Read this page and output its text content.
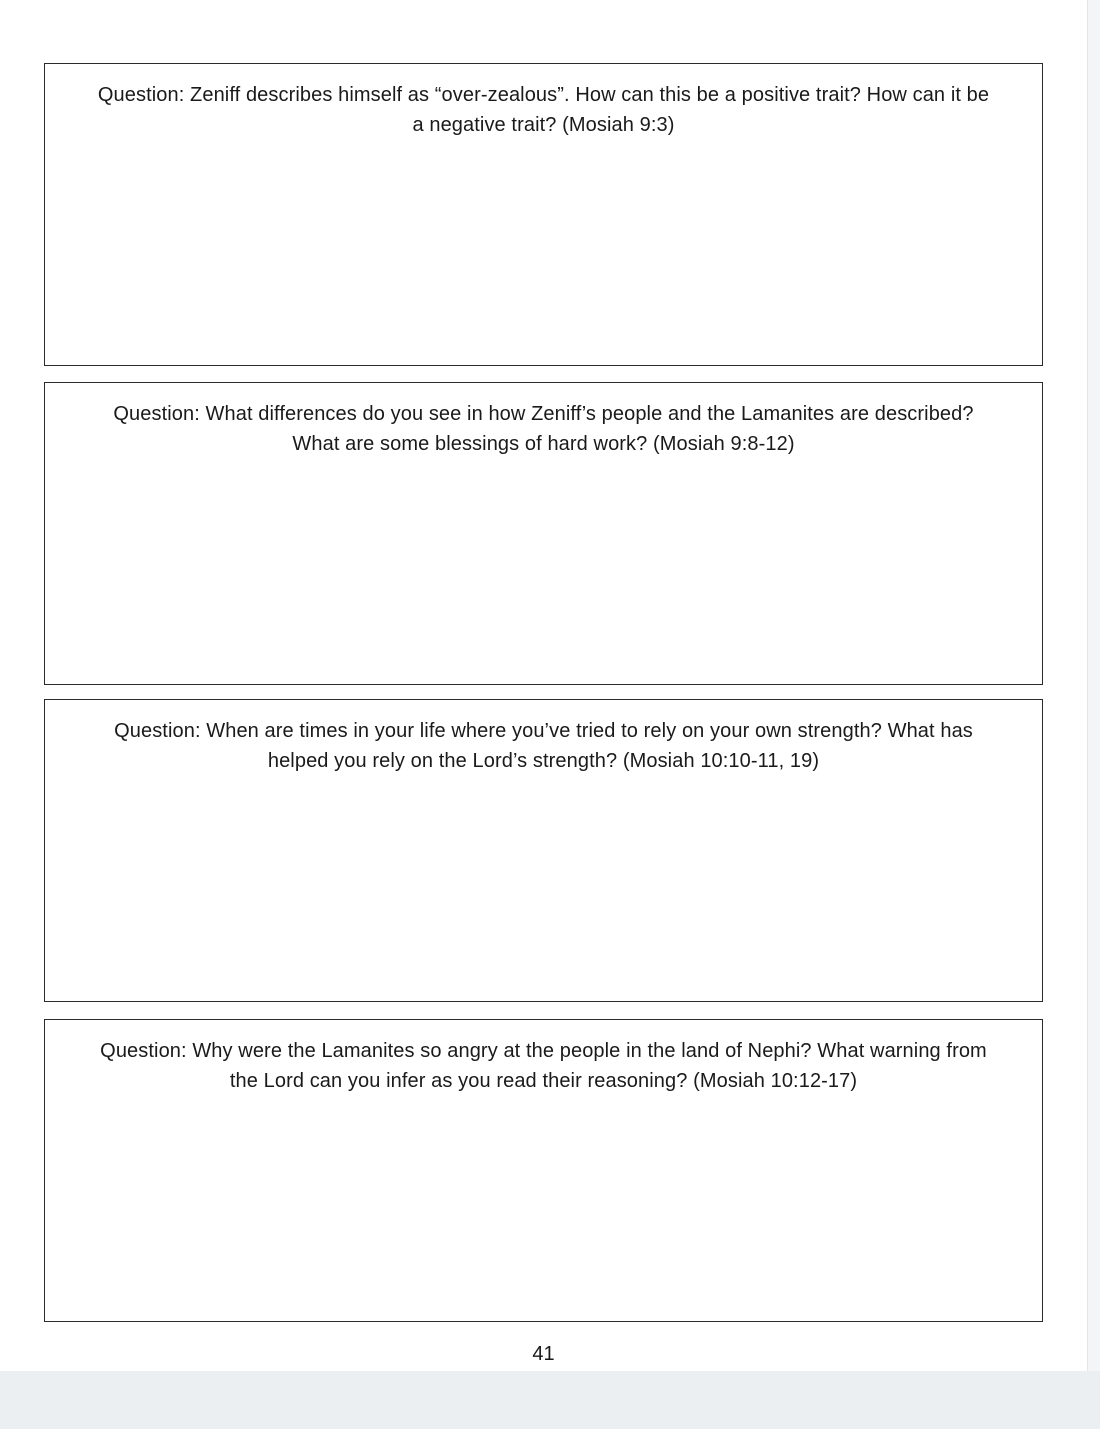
Question: Zeniff describes himself as “over-zealous”. How can this be a positive trait? How can it be a negative trait? (Mosiah 9:3)
Question: What differences do you see in how Zeniff’s people and the Lamanites are described? What are some blessings of hard work? (Mosiah 9:8-12)
Question: When are times in your life where you’ve tried to rely on your own strength? What has helped you rely on the Lord’s strength? (Mosiah 10:10-11, 19)
Question: Why were the Lamanites so angry at the people in the land of Nephi? What warning from the Lord can you infer as you read their reasoning? (Mosiah 10:12-17)
41
